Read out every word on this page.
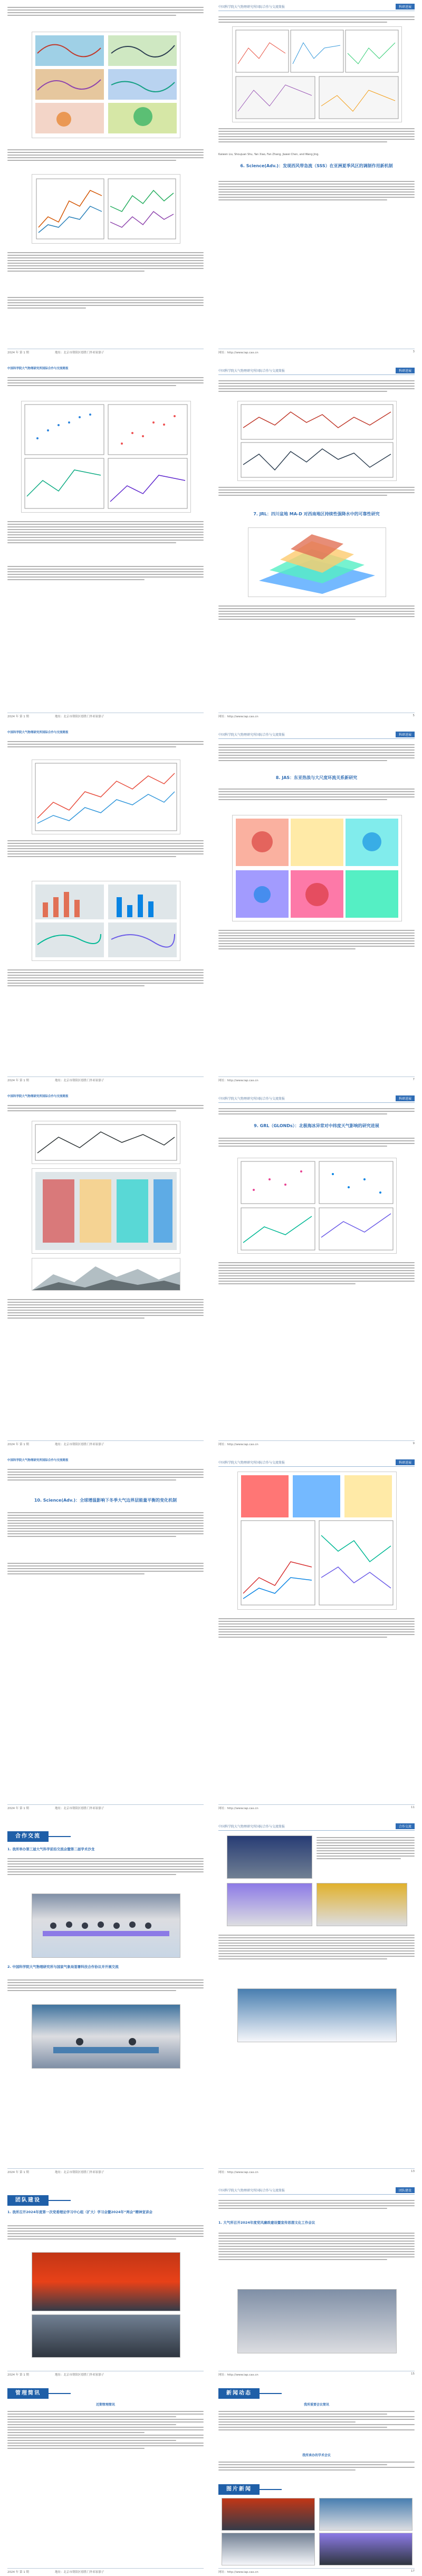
2024 年 第 1 期	地址：北京市朝阳区德胜门外祁家豁子
中国科学院大气物理研究所国际合作与交流简报	科研进展
Kaiwen Liu, Shoujuan Shu, Yan Xiao, Fan Zhang, Jiawei Chen, and Wang Jing.
6. Science(Adv.)：发现西风带急流（SSS）在亚洲夏季风区的调制作用新机制
网址：http://www.iap.cas.cn	3
中国科学院大气物理研究所国际合作与交流简报
2024 年 第 1 期	地址：北京市朝阳区德胜门外祁家豁子
中国科学院大气物理研究所国际合作与交流简报	科研进展
7. JRL：四川盆地 MA-D 对西南地区持续性强降水中的可靠性研究
网址：http://www.iap.cas.cn	5
中国科学院大气物理研究所国际合作与交流简报
2024 年 第 1 期	地址：北京市朝阳区德胜门外祁家豁子
中国科学院大气物理研究所国际合作与交流简报	科研进展
8. JAS：东亚热浪与大尺度环流关系新研究
网址：http://www.iap.cas.cn	7
中国科学院大气物理研究所国际合作与交流简报
2024 年 第 1 期	地址：北京市朝阳区德胜门外祁家豁子
中国科学院大气物理研究所国际合作与交流简报	科研进展
9. GRL（GLONDs）：北极海冰异常对中纬度天气影响的研究进展
网址：http://www.iap.cas.cn	9
中国科学院大气物理研究所国际合作与交流简报
10. Science(Adv.)：全球增温影响下冬季大气边界层能量平衡的变化机制
2024 年 第 1 期	地址：北京市朝阳区德胜门外祁家豁子
中国科学院大气物理研究所国际合作与交流简报	科研进展
网址：http://www.iap.cas.cn	11
合作交流
1. 我所举办第三届大气科学前沿交流会暨第二届学术沙龙
2. 中国科学院大气物理研究所与国家气象局签署科技合作协议并开展交流
2024 年 第 1 期	地址：北京市朝阳区德胜门外祁家豁子
中国科学院大气物理研究所国际合作与交流简报	合作交流
网址：http://www.iap.cas.cn	13
团队建设
1. 我所召开2024年度第一次党委理论学习中心组（扩大）学习会暨2024年“两会”精神宣讲会
2024 年 第 1 期	地址：北京市朝阳区德胜门外祁家豁子
中国科学院大气物理研究所国际合作与交流简报	团队建设
1. 大气所召开2024年度党风廉政建设暨宣传思想文化工作会议
网址：http://www.iap.cas.cn	15
管理简讯
近期管理简讯
2024 年 第 1 期	地址：北京市朝阳区德胜门外祁家豁子
新闻动态
我所重要会议简讯
我所承办的学术会议
图片新闻
网址：http://www.iap.cas.cn	17
